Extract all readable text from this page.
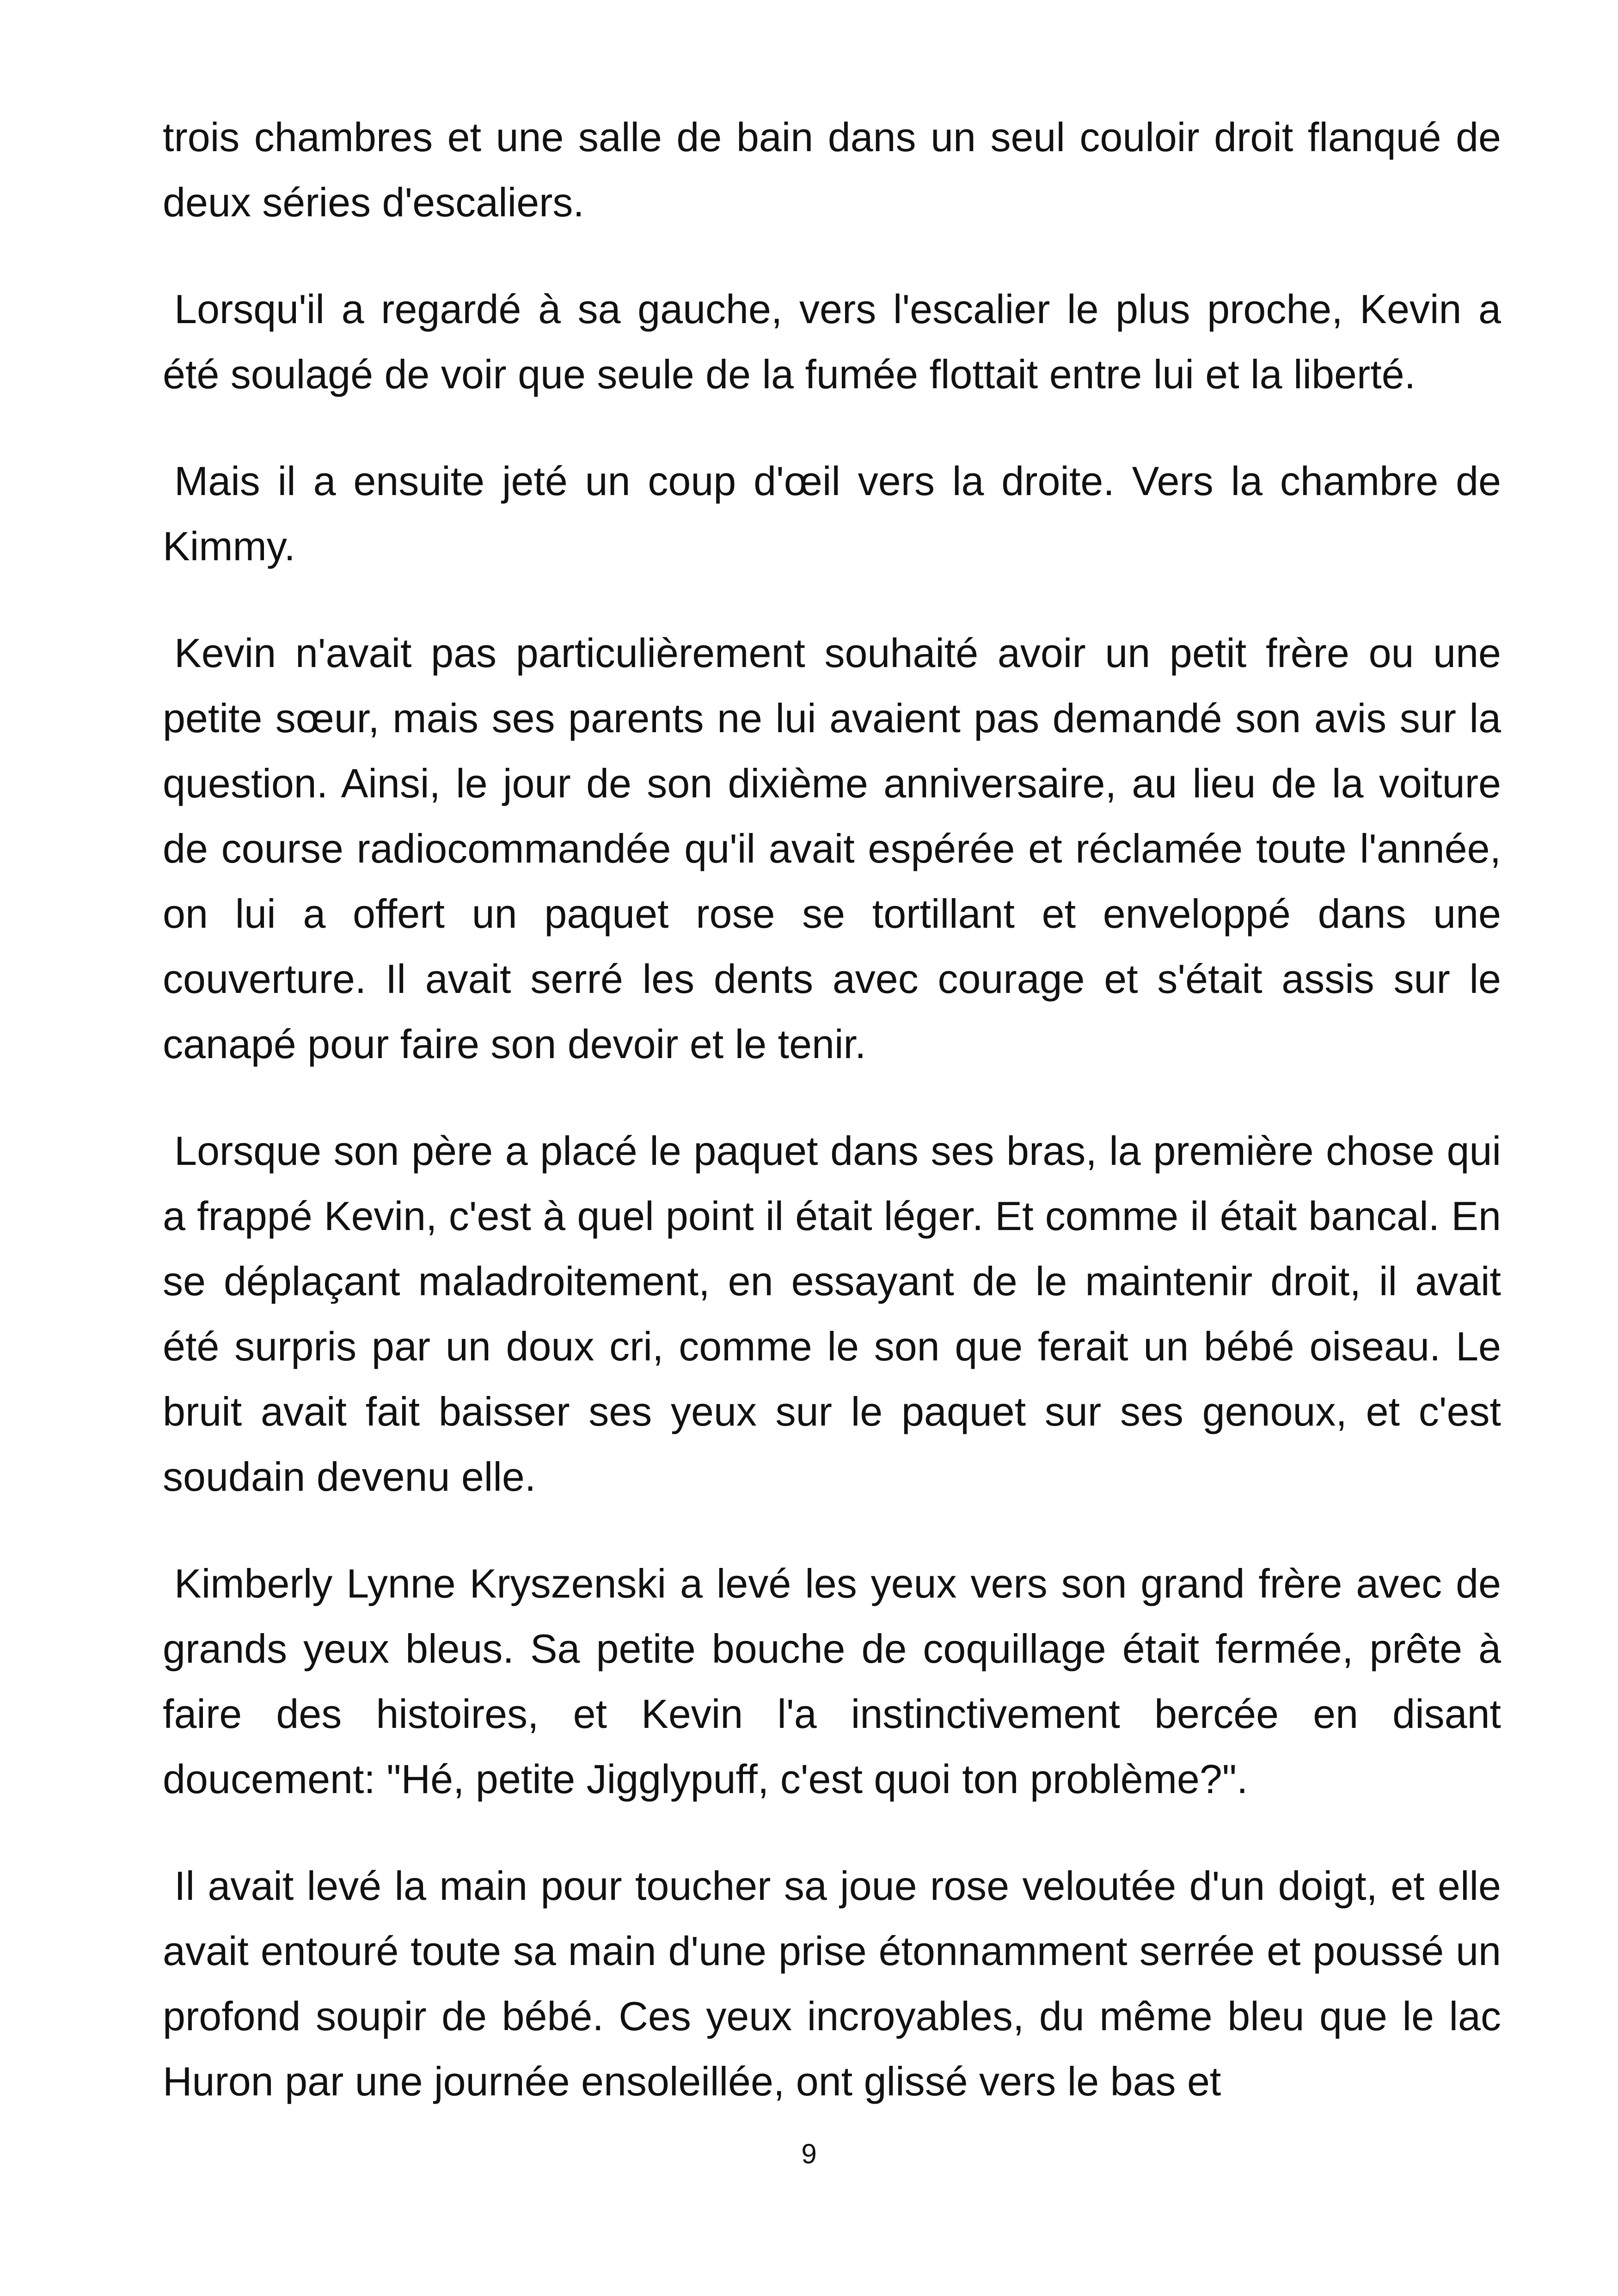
trois chambres et une salle de bain dans un seul couloir droit flanqué de deux séries d'escaliers.

Lorsqu'il a regardé à sa gauche, vers l'escalier le plus proche, Kevin a été soulagé de voir que seule de la fumée flottait entre lui et la liberté.

Mais il a ensuite jeté un coup d'œil vers la droite. Vers la chambre de Kimmy.

Kevin n'avait pas particulièrement souhaité avoir un petit frère ou une petite sœur, mais ses parents ne lui avaient pas demandé son avis sur la question. Ainsi, le jour de son dixième anniversaire, au lieu de la voiture de course radiocommandée qu'il avait espérée et réclamée toute l'année, on lui a offert un paquet rose se tortillant et enveloppé dans une couverture. Il avait serré les dents avec courage et s'était assis sur le canapé pour faire son devoir et le tenir.

Lorsque son père a placé le paquet dans ses bras, la première chose qui a frappé Kevin, c'est à quel point il était léger. Et comme il était bancal. En se déplaçant maladroitement, en essayant de le maintenir droit, il avait été surpris par un doux cri, comme le son que ferait un bébé oiseau. Le bruit avait fait baisser ses yeux sur le paquet sur ses genoux, et c'est soudain devenu elle.

Kimberly Lynne Kryszenski a levé les yeux vers son grand frère avec de grands yeux bleus. Sa petite bouche de coquillage était fermée, prête à faire des histoires, et Kevin l'a instinctivement bercée en disant doucement: "Hé, petite Jigglypuff, c'est quoi ton problème?".

Il avait levé la main pour toucher sa joue rose veloutée d'un doigt, et elle avait entouré toute sa main d'une prise étonnamment serrée et poussé un profond soupir de bébé. Ces yeux incroyables, du même bleu que le lac Huron par une journée ensoleillée, ont glissé vers le bas et

9
